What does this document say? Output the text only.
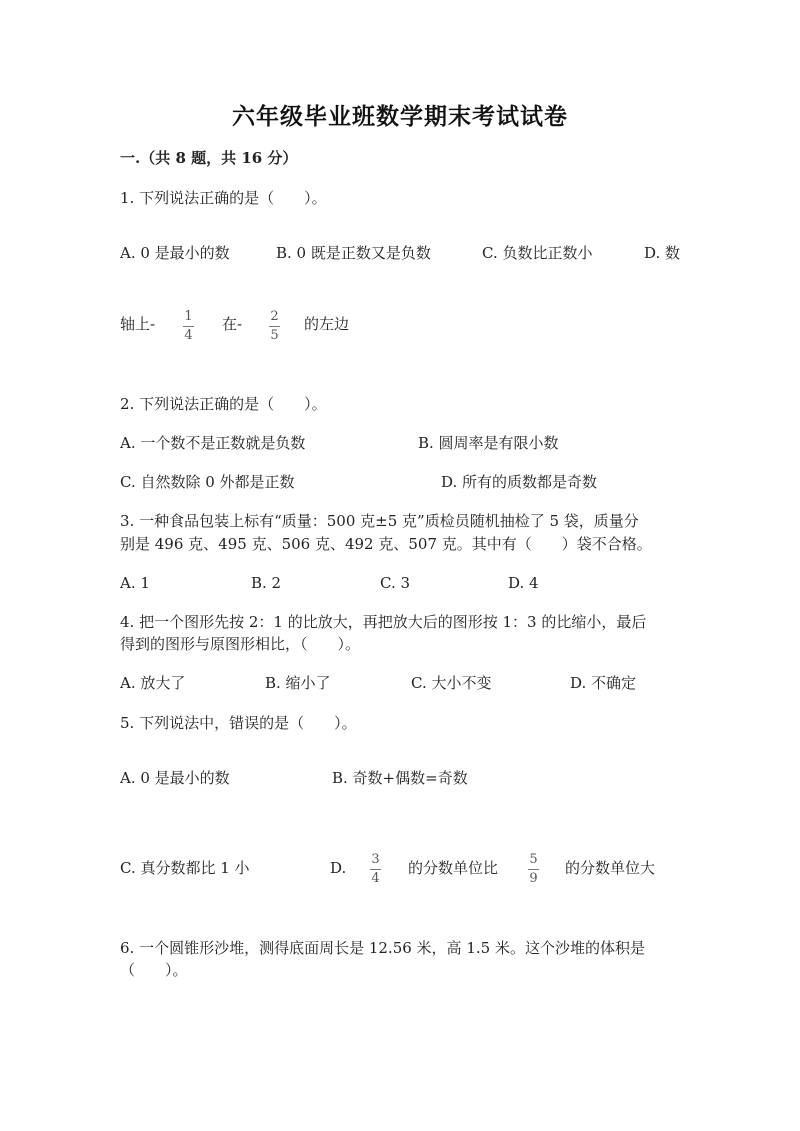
六年级毕业班数学期末考试试卷
一.（共 8 题，共 16 分）
1. 下列说法正确的是（　　）。
A. 0 是最小的数	B. 0 既是正数又是负数	C. 负数比正数小	D. 数
轴上- 1
4
在- 2
5
的左边
2. 下列说法正确的是（　　）。
A. 一个数不是正数就是负数	B. 圆周率是有限小数
C. 自然数除 0 外都是正数	D. 所有的质数都是奇数
3. 一种食品包装上标有“质量：500 克±5 克”质检员随机抽检了 5 袋，质量分
别是 496 克、495 克、506 克、492 克、507 克。其中有（　　）袋不合格。
A. 1	B. 2	C. 3	D. 4
4. 把一个图形先按 2：1 的比放大，再把放大后的图形按 1：3 的比缩小，最后
得到的图形与原图形相比，（　　）。
A. 放大了	B. 缩小了	C. 大小不变	D. 不确定
5. 下列说法中，错误的是（　　）。
A. 0 是最小的数	B. 奇数+偶数=奇数
C. 真分数都比 1 小	D. 3
4
的分数单位比 5
9
的分数单位大
6. 一个圆锥形沙堆，测得底面周长是 12.56 米，高 1.5 米。这个沙堆的体积是
（　　）。
